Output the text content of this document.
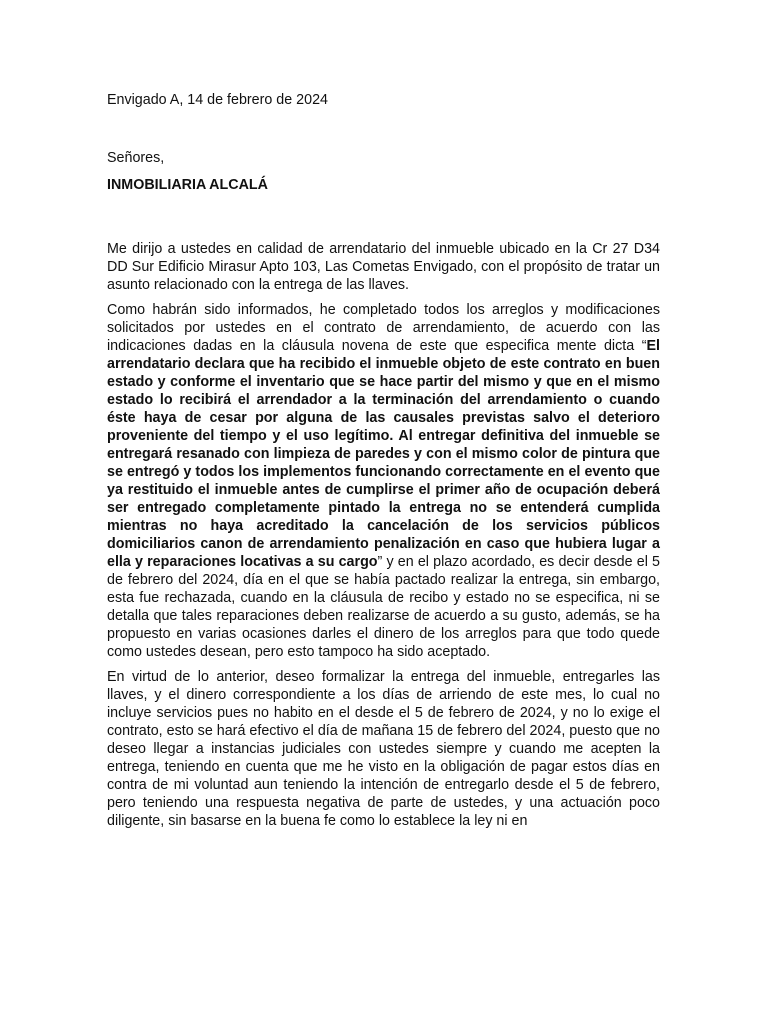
Envigado A, 14 de febrero de 2024

Señores,

INMOBILIARIA ALCALÁ

Me dirijo a ustedes en calidad de arrendatario del inmueble ubicado en la Cr 27 D34 DD Sur Edificio Mirasur Apto 103, Las Cometas Envigado, con el propósito de tratar un asunto relacionado con la entrega de las llaves.

Como habrán sido informados, he completado todos los arreglos y modificaciones solicitados por ustedes en el contrato de arrendamiento, de acuerdo con las indicaciones dadas en la cláusula novena de este que especifica mente dicta “El arrendatario declara que ha recibido el inmueble objeto de este contrato en buen estado y conforme el inventario que se hace partir del mismo y que en el mismo estado lo recibirá el arrendador a la terminación del arrendamiento o cuando éste haya de cesar por alguna de las causales previstas salvo el deterioro proveniente del tiempo y el uso legítimo. Al entregar definitiva del inmueble se entregará resanado con limpieza de paredes y con el mismo color de pintura que se entregó y todos los implementos funcionando correctamente en el evento que ya restituido el inmueble antes de cumplirse el primer año de ocupación deberá ser entregado completamente pintado la entrega no se entenderá cumplida mientras no haya acreditado la cancelación de los servicios públicos domiciliarios canon de arrendamiento penalización en caso que hubiera lugar a ella y reparaciones locativas a su cargo” y en el plazo acordado, es decir desde el 5 de febrero del 2024, día en el que se había pactado realizar la entrega, sin embargo, esta fue rechazada, cuando en la cláusula de recibo y estado no se especifica, ni se detalla que tales reparaciones deben realizarse de acuerdo a su gusto, además, se ha propuesto en varias ocasiones darles el dinero de los arreglos para que todo quede como ustedes desean, pero esto tampoco ha sido aceptado.

En virtud de lo anterior, deseo formalizar la entrega del inmueble, entregarles las llaves, y el dinero correspondiente a los días de arriendo de este mes, lo cual no incluye servicios pues no habito en el desde el 5 de febrero de 2024, y no lo exige el contrato, esto se hará efectivo el día de mañana 15 de febrero del 2024, puesto que no deseo llegar a instancias judiciales con ustedes siempre y cuando me acepten la entrega, teniendo en cuenta que me he visto en la obligación de pagar estos días en contra de mi voluntad aun teniendo la intención de entregarlo desde el 5 de febrero, pero teniendo una respuesta negativa de parte de ustedes, y una actuación poco diligente, sin basarse en la buena fe como lo establece la ley ni en
